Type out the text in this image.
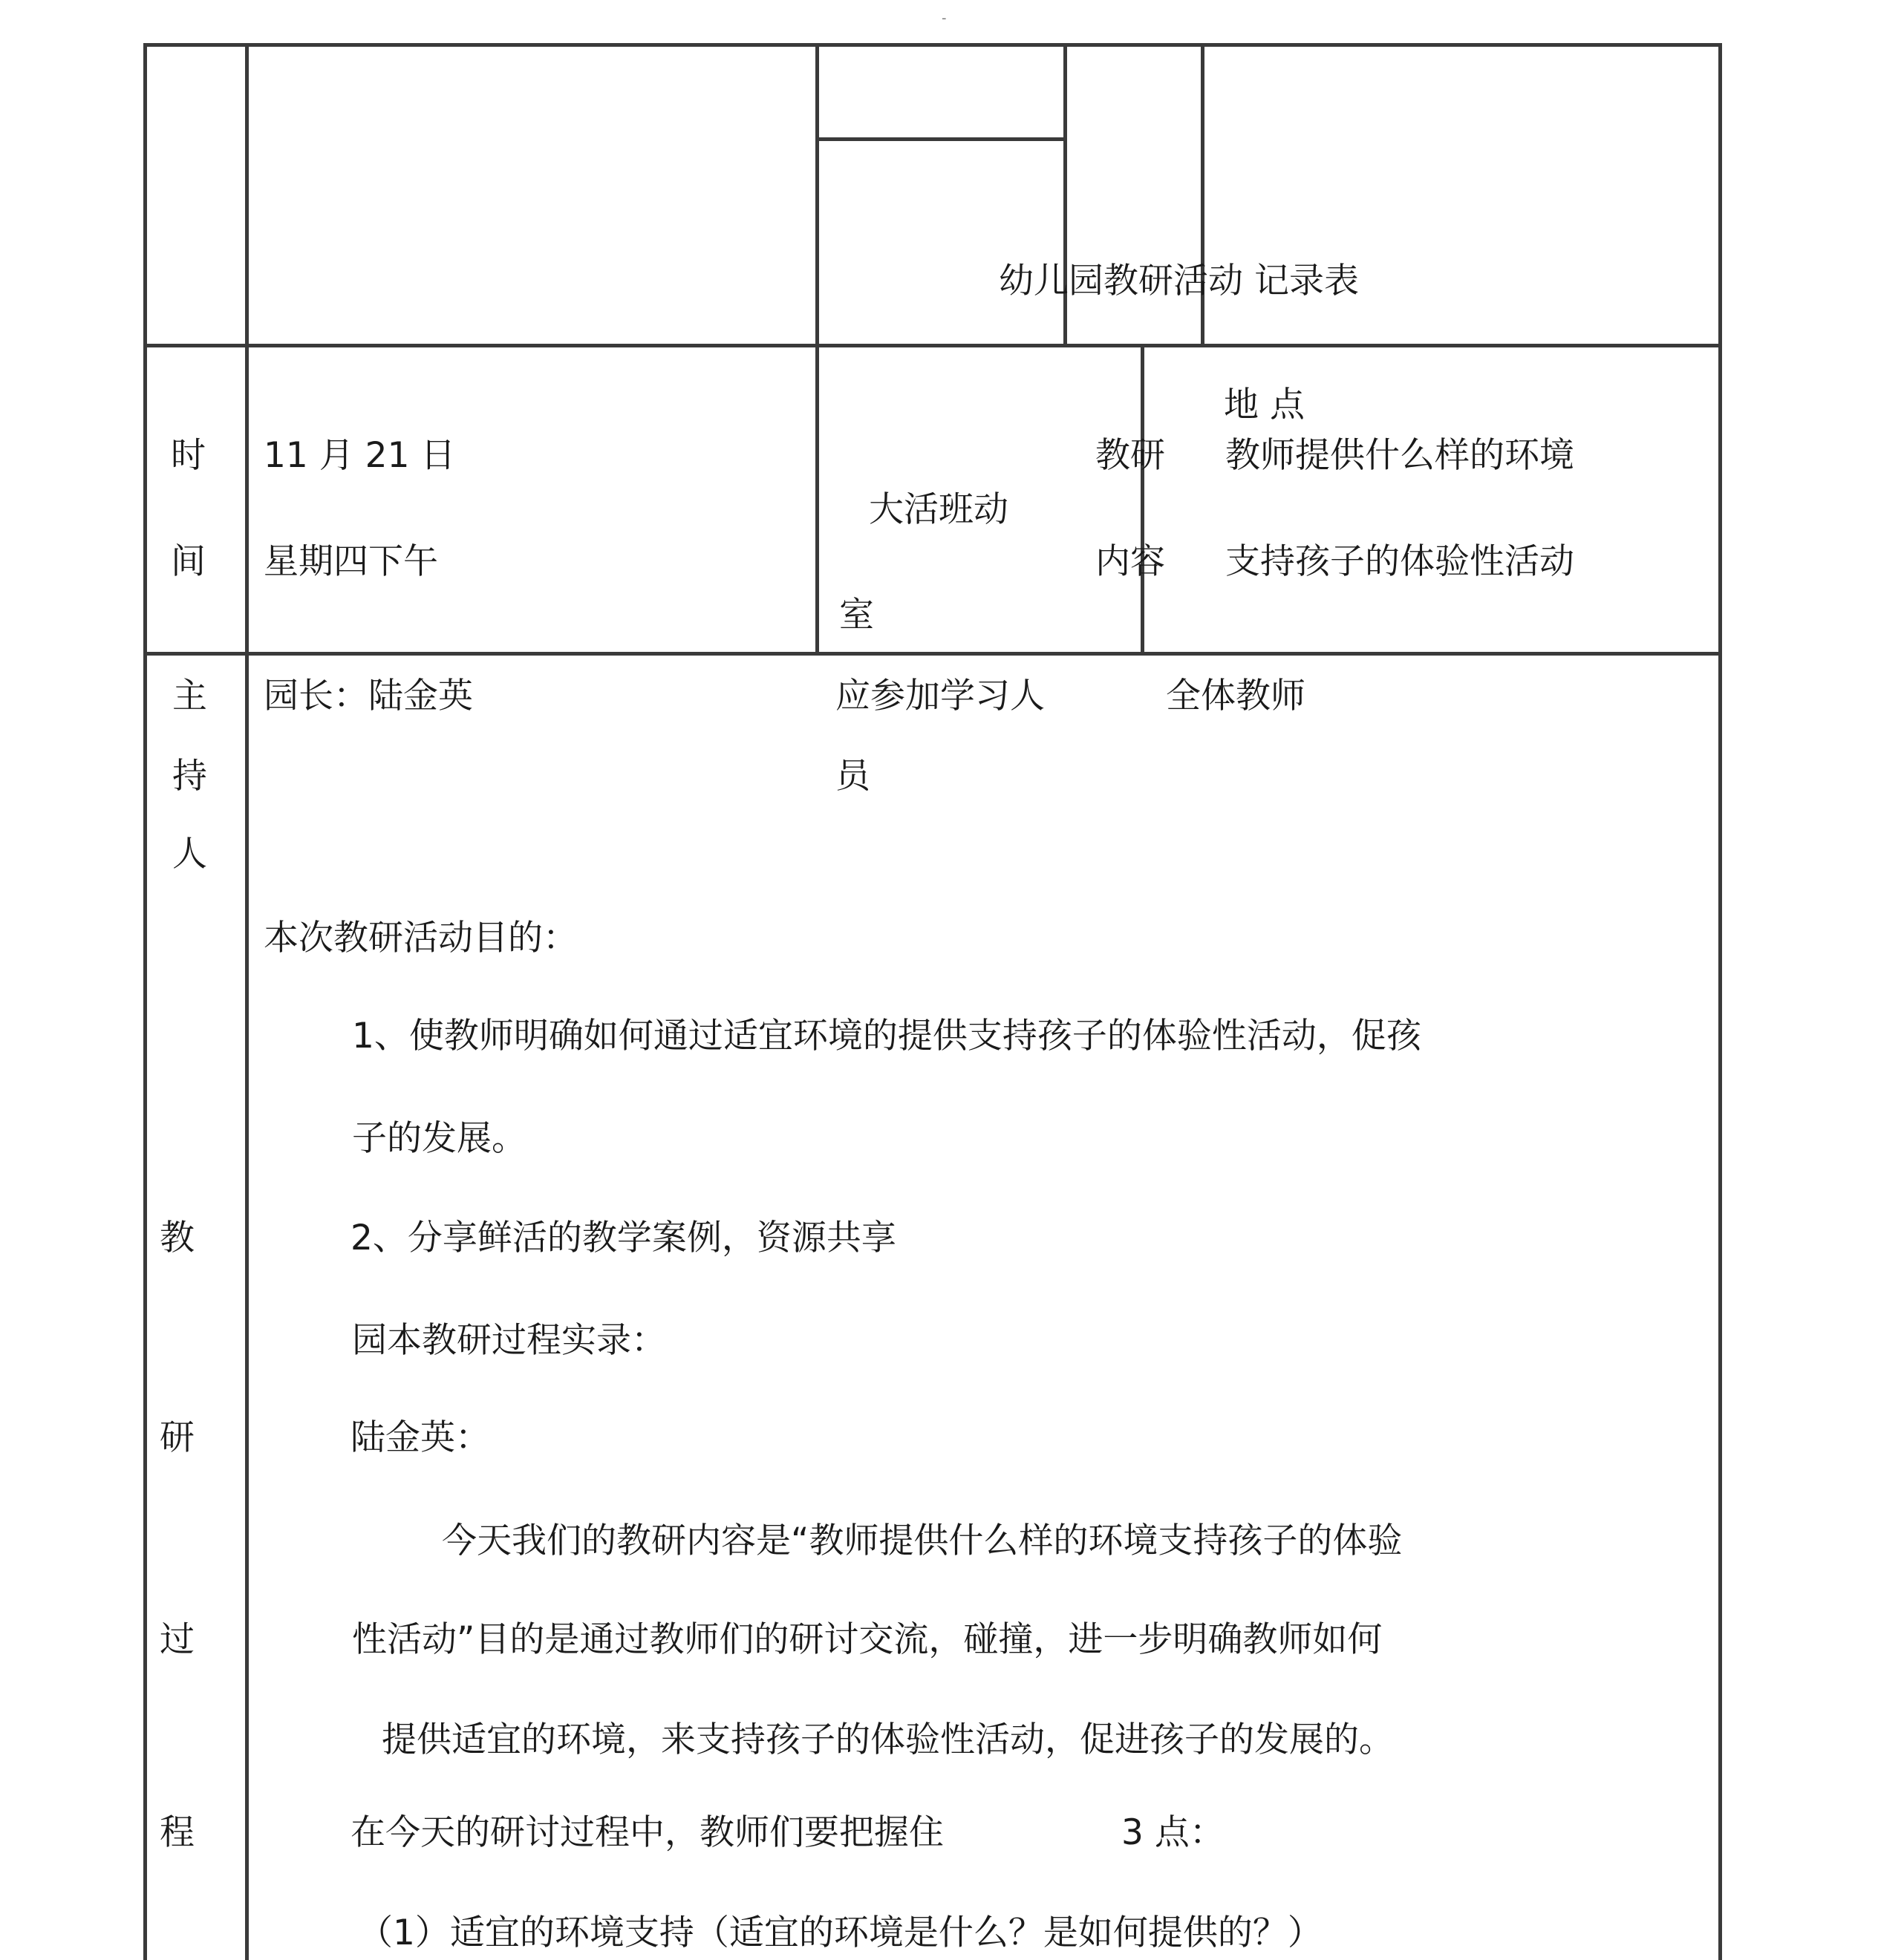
-
幼儿园教研活动 记录表
时
间
11 月 21 日
星期四下午
地 点
大活班动
室
教研
内容
教师提供什么样的环境
支持孩子的体验性活动
主
持
人
园长：陆金英	应参加学习人
员
全体教师
教
研
过
程
本次教研活动目的：
1、使教师明确如何通过适宜环境的提供支持孩子的体验性活动，促孩
子的发展。
2、分享鲜活的教学案例，资源共享
园本教研过程实录：
陆金英：
今天我们的教研内容是“教师提供什么样的环境支持孩子的体验
性活动”目的是通过教师们的研讨交流，碰撞，进一步明确教师如何
提供适宜的环境，来支持孩子的体验性活动，促进孩子的发展的。
在今天的研讨过程中，教师们要把握住	3 点：
（1）适宜的环境支持（适宜的环境是什么？是如何提供的？）
